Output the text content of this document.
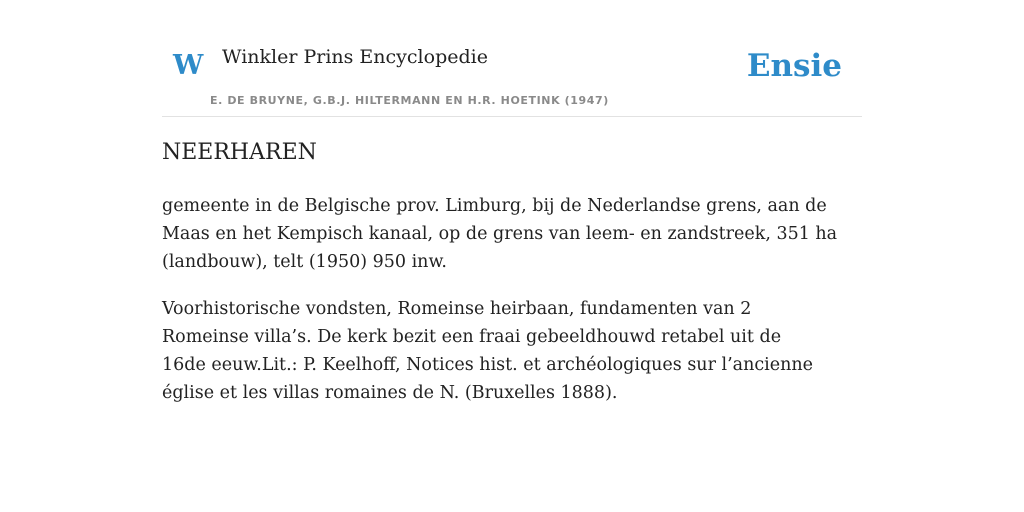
W Winkler Prins Encyclopedie
E. DE BRUYNE, G.B.J. HILTERMANN EN H.R. HOETINK (1947)
Ensie
NEERHAREN

gemeente in de Belgische prov. Limburg, bij de Nederlandse grens, aan de Maas en het Kempisch kanaal, op de grens van leem- en zandstreek, 351 ha (landbouw), telt (1950) 950 inw.

Voorhistorische vondsten, Romeinse heirbaan, fundamenten van 2 Romeinse villa’s. De kerk bezit een fraai gebeeldhouwd retabel uit de 16de eeuw.Lit.: P. Keelhoff, Notices hist. et archéologiques sur l’ancienne église et les villas romaines de N. (Bruxelles 1888).
